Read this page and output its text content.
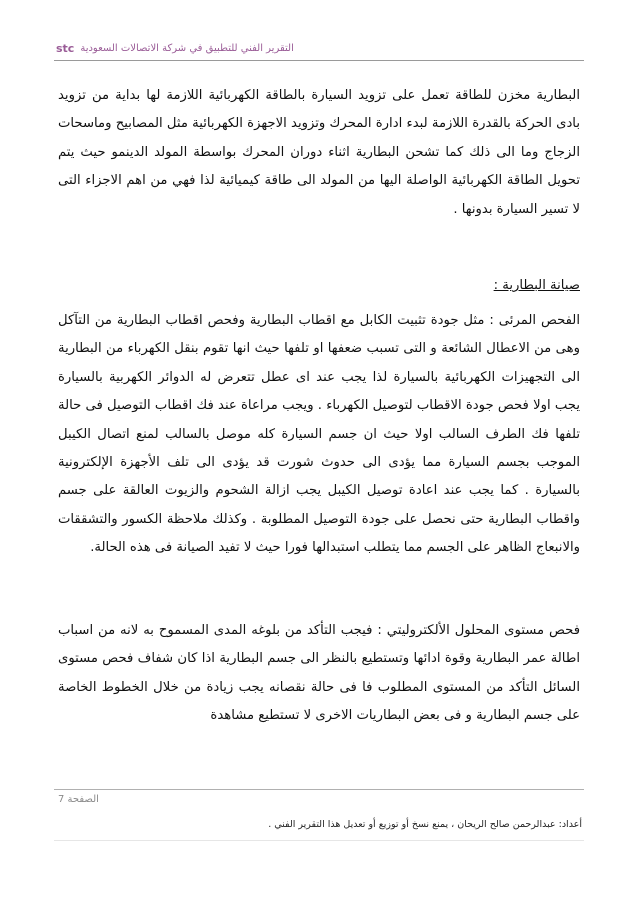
stc التقرير الفني للتطبيق في شركة الاتصالات السعودية
البطارية مخزن للطاقة تعمل على تزويد السيارة بالطاقة الكهربائية اللازمة لها بداية من تزويد بادى الحركة بالقدرة اللازمة لبدء ادارة المحرك وتزويد الاجهزة الكهربائية مثل المصابيح وماسحات الزجاج وما الى ذلك كما تشحن البطارية اثناء دوران المحرك بواسطة المولد الدينمو حيث يتم تحويل الطاقة الكهربائية الواصلة اليها من المولد الى طاقة كيميائية لذا فهي من اهم الاجزاء التى لا تسير السيارة بدونها .
صيانة البطارية :
الفحص المرئى : مثل جودة تثبيت الكابل مع اقطاب البطارية وفحص اقطاب البطارية من التآكل وهى من الاعطال الشائعة و التى تسبب ضعفها او تلفها حيث انها تقوم بنقل الكهرباء من البطارية الى التجهيزات الكهربائية بالسيارة لذا يجب عند اى عطل تتعرض له الدوائر الكهربية بالسيارة يجب اولا فحص جودة الاقطاب لتوصيل الكهرباء . ويجب مراعاة عند فك اقطاب التوصيل فى حالة تلفها فك الطرف السالب اولا حيث ان جسم السيارة كله موصل بالسالب لمنع اتصال الكيبل الموجب بجسم السيارة مما يؤدى الى حدوث شورت قد يؤدى الى تلف الأجهزة الإلكترونية بالسيارة . كما يجب عند اعادة توصيل الكيبل يجب ازالة الشحوم والزيوت العالقة على جسم واقطاب البطارية حتى نحصل على جودة التوصيل المطلوبة . وكذلك ملاحظة الكسور والتشققات والانبعاج الظاهر على الجسم مما يتطلب استبدالها فورا حيث لا تفيد الصيانة فى هذه الحالة.
فحص مستوى المحلول الألكتروليتي : فيجب التأكد من بلوغه المدى المسموح به لانه من اسباب اطالة عمر البطارية وقوة ادائها وتستطيع بالنظر الى جسم البطارية اذا كان شفاف فحص مستوى السائل التأكد من المستوى المطلوب فا فى حالة نقصانه يجب زيادة من خلال الخطوط الخاصة على جسم البطارية و فى بعض البطاريات الاخرى لا تستطيع مشاهدة
الصفحة 7
أعداد: عبدالرحمن صالح الريحان ، يمنع نسخ أو توزيع أو تعديل هذا التقرير الفني .
